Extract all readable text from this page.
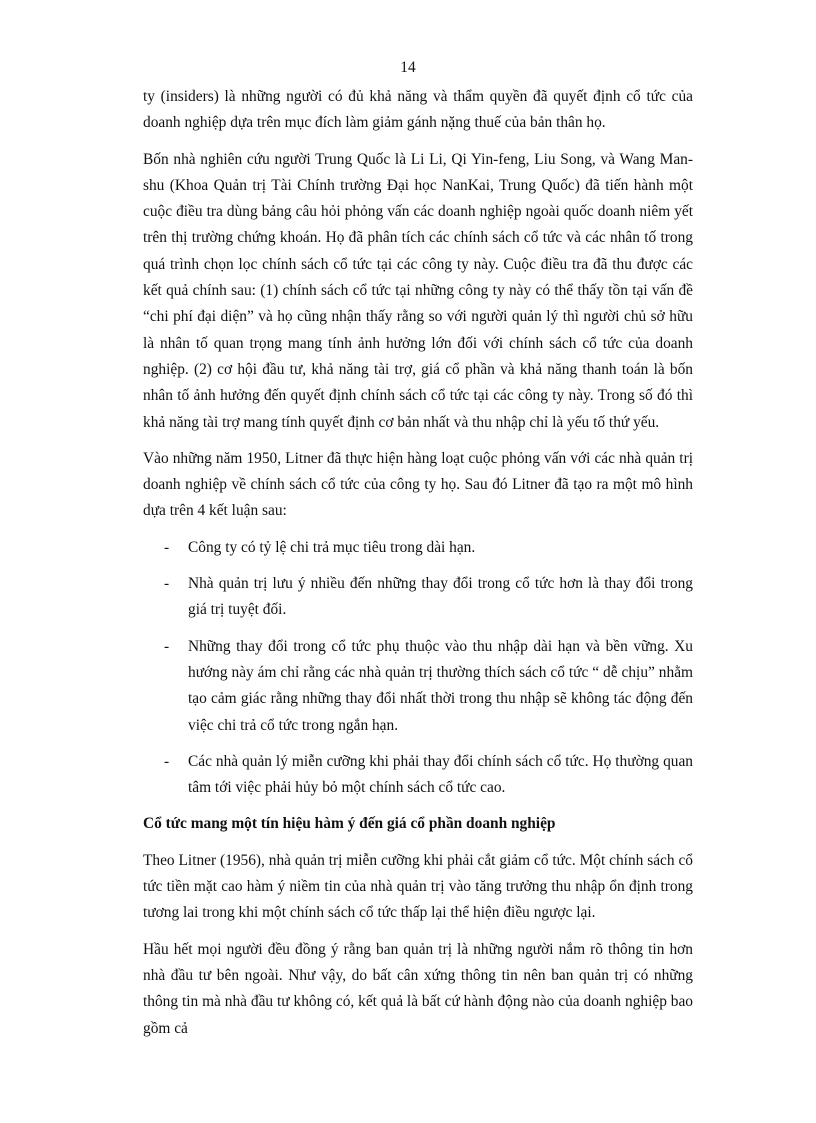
14

ty (insiders) là những người có đủ khả năng và thẩm quyền đã quyết định cổ tức của doanh nghiệp dựa trên mục đích làm giảm gánh nặng thuế của bản thân họ.

Bốn nhà nghiên cứu người Trung Quốc là Li Li, Qi Yin-feng, Liu Song, và Wang Man-shu (Khoa Quản trị Tài Chính trường Đại học NanKai, Trung Quốc) đã tiến hành một cuộc điều tra dùng bảng câu hỏi phỏng vấn các doanh nghiệp ngoài quốc doanh niêm yết trên thị trường chứng khoán. Họ đã phân tích các chính sách cổ tức và các nhân tố trong quá trình chọn lọc chính sách cổ tức tại các công ty này. Cuộc điều tra đã thu được các kết quả chính sau: (1) chính sách cổ tức tại những công ty này có thể thấy tồn tại vấn đề “chi phí đại diện” và họ cũng nhận thấy rằng so với người quản lý thì người chủ sở hữu là nhân tố quan trọng mang tính ảnh hưởng lớn đối với chính sách cổ tức của doanh nghiệp. (2) cơ hội đầu tư, khả năng tài trợ, giá cổ phần và khả năng thanh toán là bốn nhân tố ảnh hưởng đến quyết định chính sách cổ tức tại các công ty này. Trong số đó thì khả năng tài trợ mang tính quyết định cơ bản nhất và thu nhập chỉ là yếu tố thứ yếu.

Vào những năm 1950, Litner đã thực hiện hàng loạt cuộc phỏng vấn với các nhà quản trị doanh nghiệp về chính sách cổ tức của công ty họ. Sau đó Litner đã tạo ra một mô hình dựa trên 4 kết luận sau:

- Công ty có tỷ lệ chi trả mục tiêu trong dài hạn.
- Nhà quản trị lưu ý nhiều đến những thay đổi trong cổ tức hơn là thay đổi trong giá trị tuyệt đối.
- Những thay đổi trong cổ tức phụ thuộc vào thu nhập dài hạn và bền vững. Xu hướng này ám chỉ rằng các nhà quản trị thường thích sách cổ tức “ dễ chịu” nhằm tạo cảm giác rằng những thay đổi nhất thời trong thu nhập sẽ không tác động đến việc chi trả cổ tức trong ngắn hạn.
- Các nhà quản lý miễn cưỡng khi phải thay đổi chính sách cổ tức. Họ thường quan tâm tới việc phải hủy bỏ một chính sách cổ tức cao.

Cổ tức mang một tín hiệu hàm ý đến giá cổ phần doanh nghiệp

Theo Litner (1956), nhà quản trị miễn cưỡng khi phải cắt giảm cổ tức. Một chính sách cổ tức tiền mặt cao hàm ý niềm tin của nhà quản trị vào tăng trưởng thu nhập ổn định trong tương lai trong khi một chính sách cổ tức thấp lại thể hiện điều ngược lại.

Hầu hết mọi người đều đồng ý rằng ban quản trị là những người nắm rõ thông tin hơn nhà đầu tư bên ngoài. Như vậy, do bất cân xứng thông tin nên ban quản trị có những thông tin mà nhà đầu tư không có, kết quả là bất cứ hành động nào của doanh nghiệp bao gồm cả
